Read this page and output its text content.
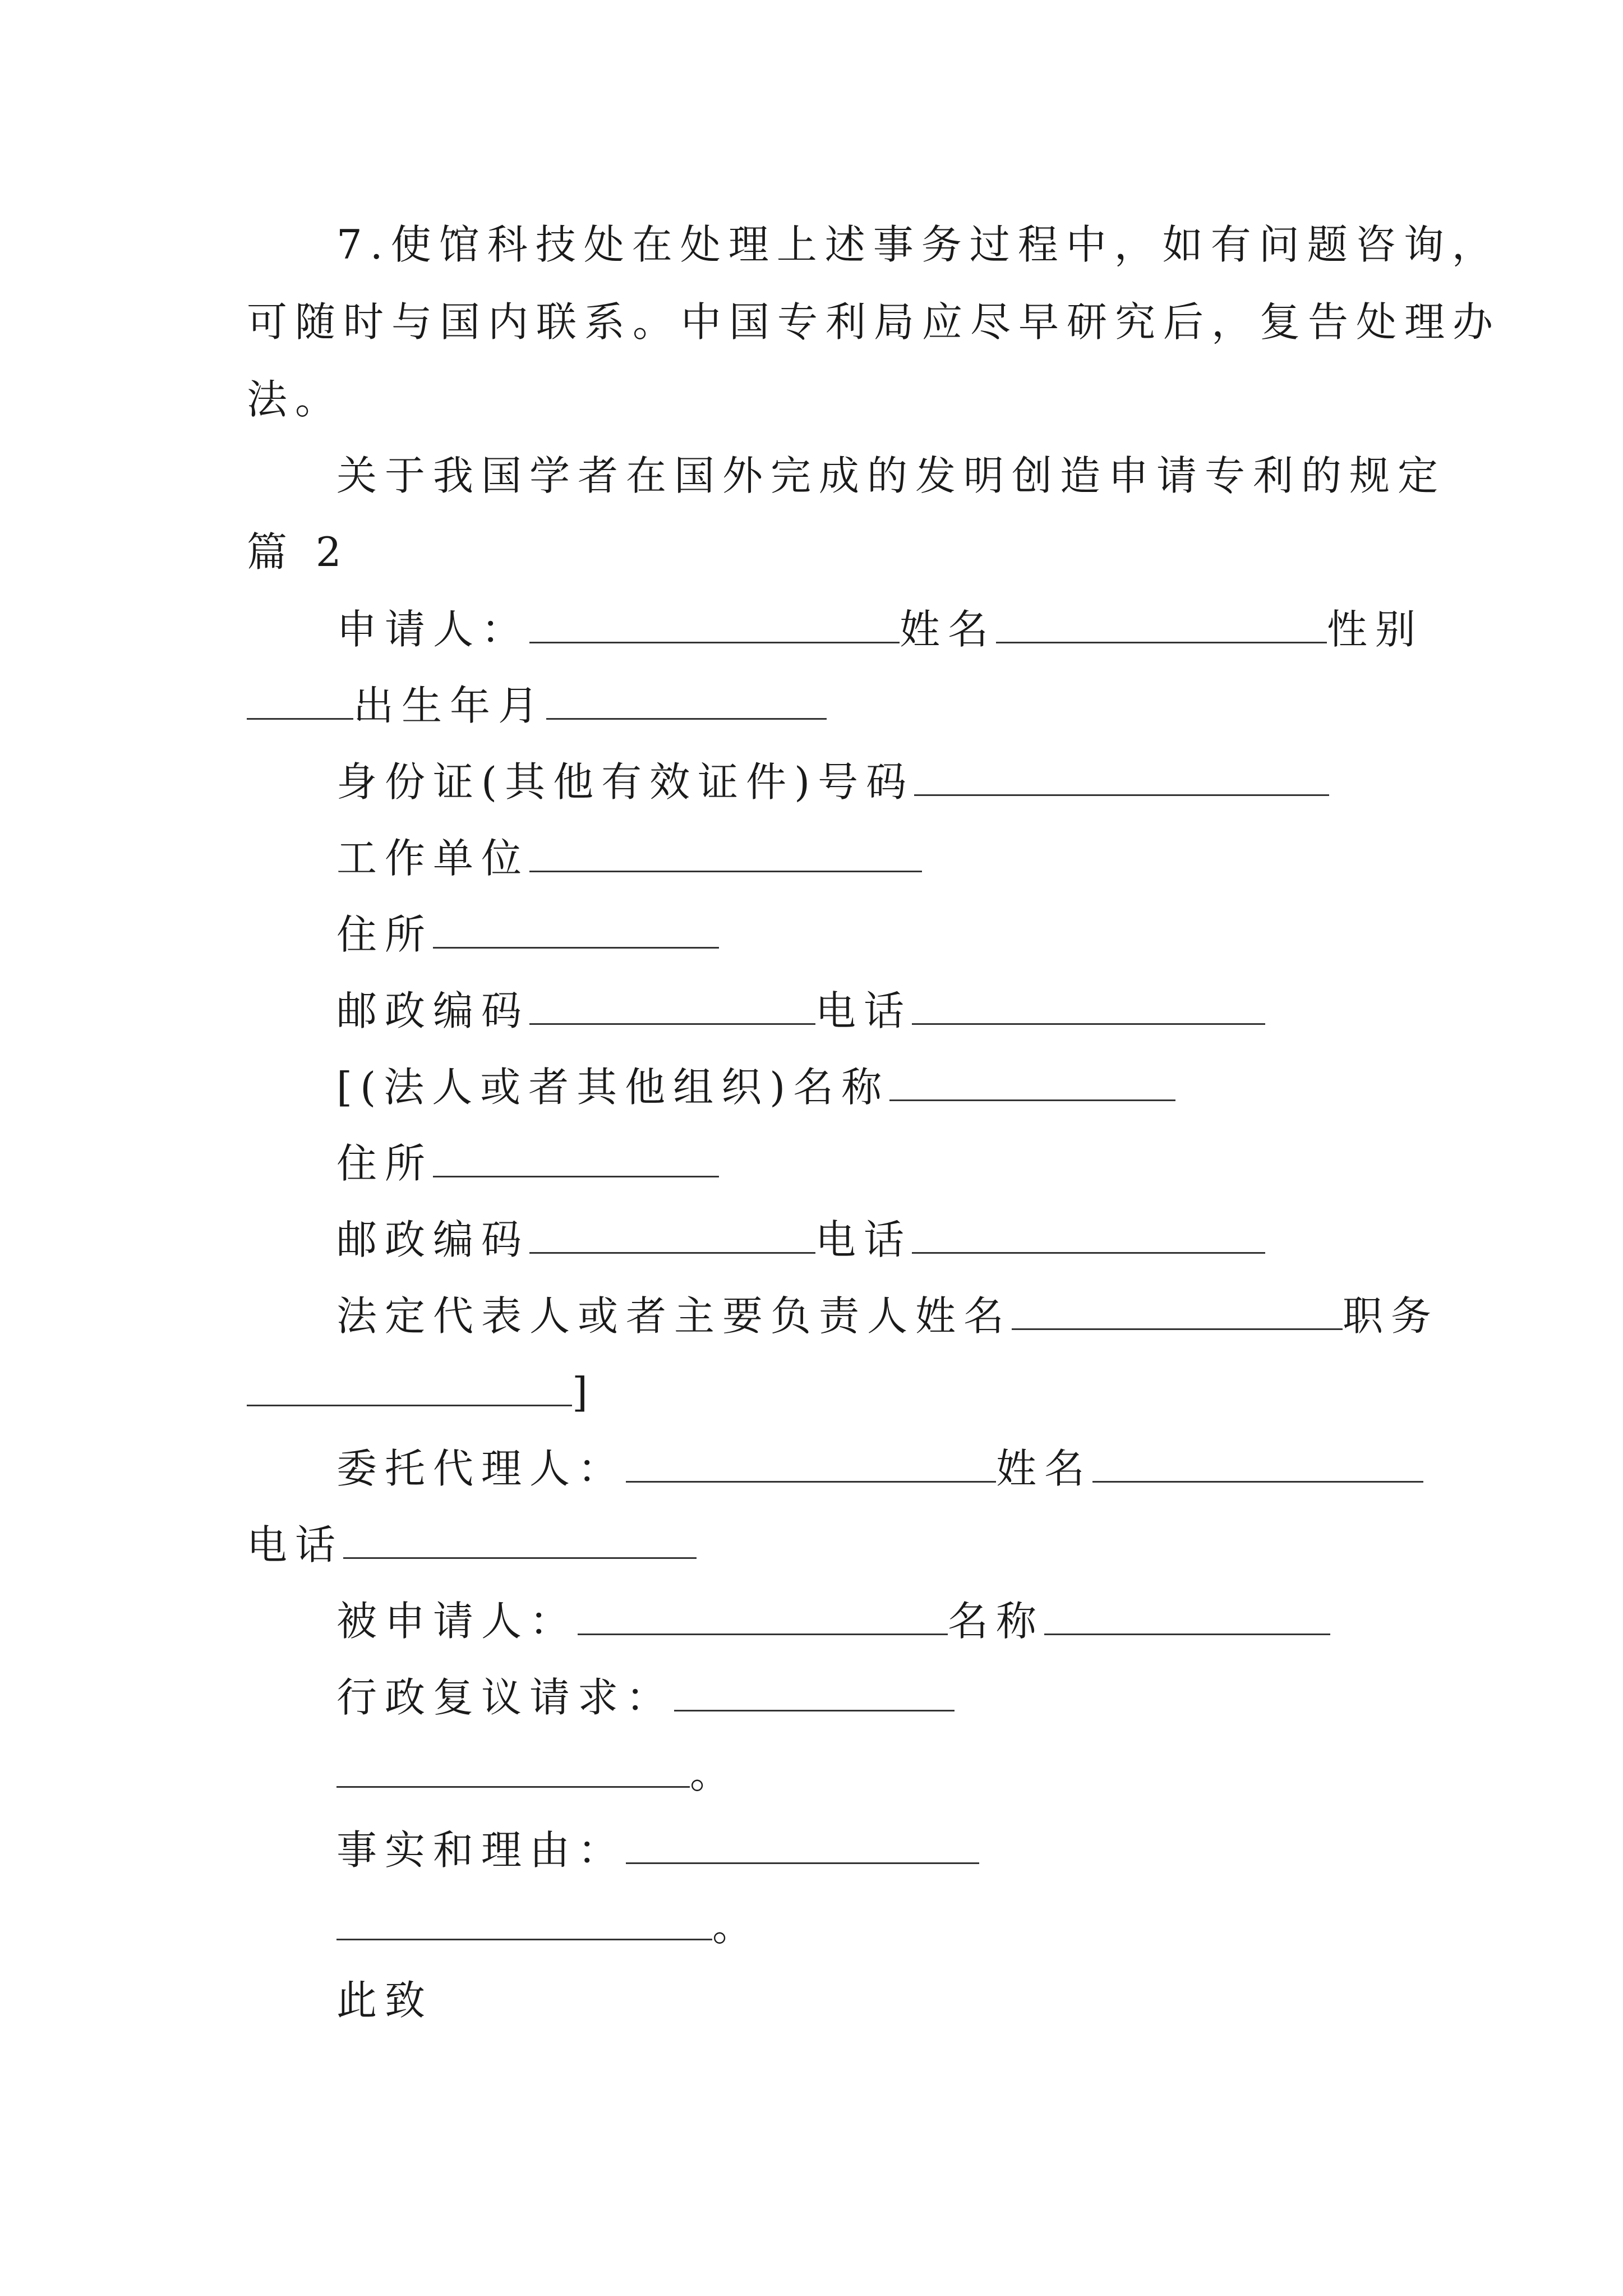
7.使馆科技处在处理上述事务过程中，如有问题咨询，
可随时与国内联系。中国专利局应尽早研究后，复告处理办
法。
关于我国学者在国外完成的发明创造申请专利的规定
篇 2
申请人：	姓名	性别
出生年月
身份证(其他有效证件)号码
工作单位
住所
邮政编码	电话
[(法人或者其他组织)名称
住所
邮政编码	电话
法定代表人或者主要负责人姓名	职务
]
委托代理人：	姓名
电话
被申请人：	名称
行政复议请求：
。
事实和理由：
。
此致
